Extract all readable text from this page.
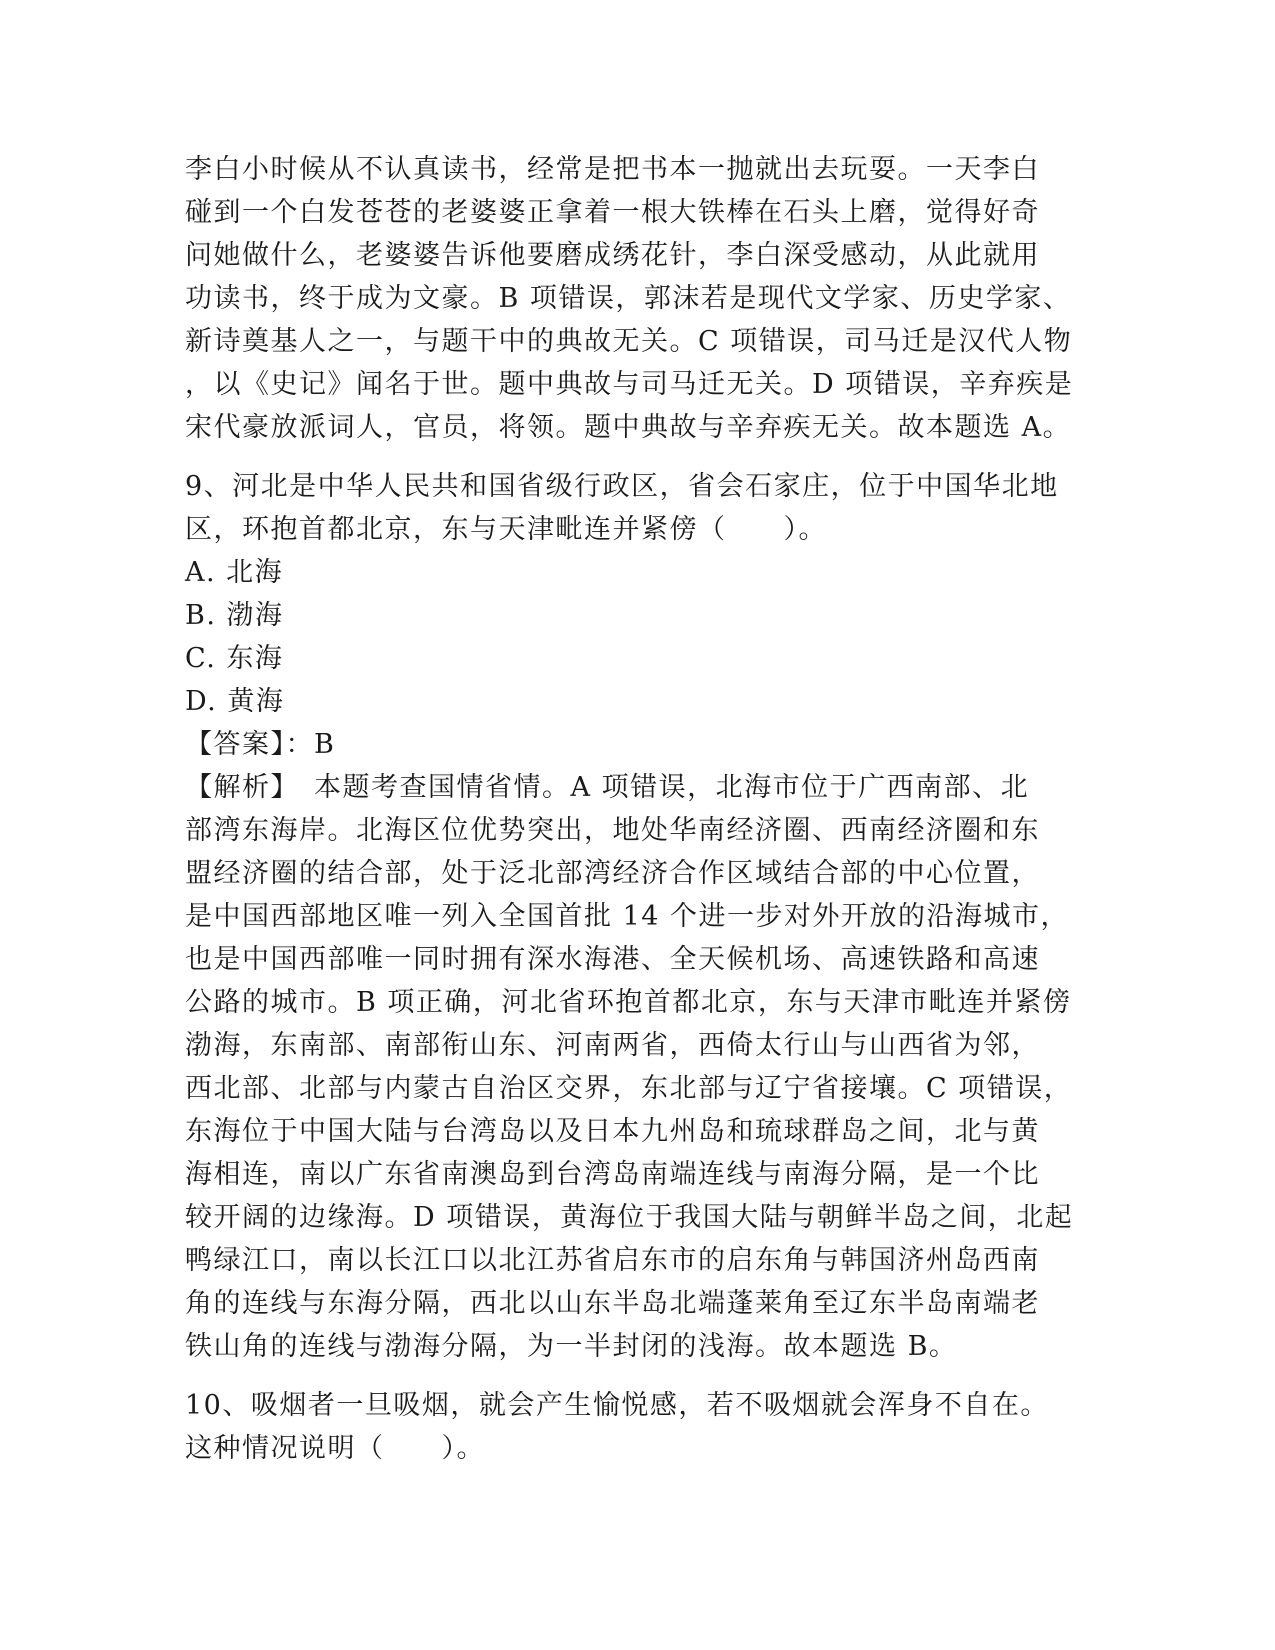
李白小时候从不认真读书，经常是把书本一抛就出去玩耍。一天李白
碰到一个白发苍苍的老婆婆正拿着一根大铁棒在石头上磨，觉得好奇
问她做什么，老婆婆告诉他要磨成绣花针，李白深受感动，从此就用
功读书，终于成为文豪。B 项错误，郭沫若是现代文学家、历史学家、
新诗奠基人之一，与题干中的典故无关。C 项错误，司马迁是汉代人物
，以《史记》闻名于世。题中典故与司马迁无关。D 项错误，辛弃疾是
宋代豪放派词人，官员，将领。题中典故与辛弃疾无关。故本题选 A。
9、河北是中华人民共和国省级行政区，省会石家庄，位于中国华北地
区，环抱首都北京，东与天津毗连并紧傍（　　）。
A. 北海
B. 渤海
C. 东海
D. 黄海
【答案】：B
【解析】　本题考查国情省情。A 项错误，北海市位于广西南部、北
部湾东海岸。北海区位优势突出，地处华南经济圈、西南经济圈和东
盟经济圈的结合部，处于泛北部湾经济合作区域结合部的中心位置，
是中国西部地区唯一列入全国首批 14 个进一步对外开放的沿海城市，
也是中国西部唯一同时拥有深水海港、全天候机场、高速铁路和高速
公路的城市。B 项正确，河北省环抱首都北京，东与天津市毗连并紧傍
渤海，东南部、南部衔山东、河南两省，西倚太行山与山西省为邻，
西北部、北部与内蒙古自治区交界，东北部与辽宁省接壤。C 项错误，
东海位于中国大陆与台湾岛以及日本九州岛和琉球群岛之间，北与黄
海相连，南以广东省南澳岛到台湾岛南端连线与南海分隔，是一个比
较开阔的边缘海。D 项错误，黄海位于我国大陆与朝鲜半岛之间，北起
鸭绿江口，南以长江口以北江苏省启东市的启东角与韩国济州岛西南
角的连线与东海分隔，西北以山东半岛北端蓬莱角至辽东半岛南端老
铁山角的连线与渤海分隔，为一半封闭的浅海。故本题选 B。
10、吸烟者一旦吸烟，就会产生愉悦感，若不吸烟就会浑身不自在。
这种情况说明（　　）。
